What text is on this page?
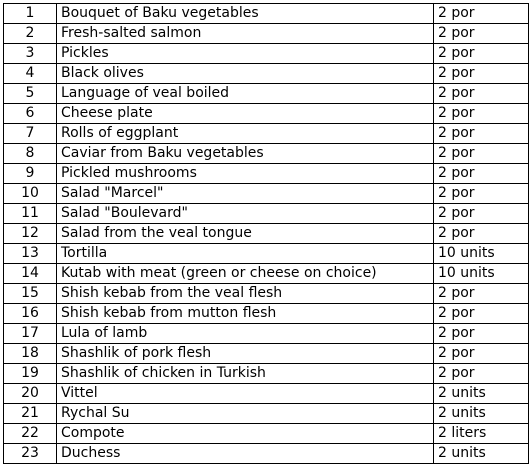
1	Bouquet of Baku vegetables	2 por
2	Fresh-salted salmon	2 por
3	Pickles	2 por
4	Black olives	2 por
5	Language of veal boiled	2 por
6	Cheese plate	2 por
7	Rolls of eggplant	2 por
8	Caviar from Baku vegetables	2 por
9	Pickled mushrooms	2 por
10	Salad "Marcel"	2 por
11	Salad "Boulevard"	2 por
12	Salad from the veal tongue	2 por
13	Tortilla	10 units
14	Kutab with meat (green or cheese on choice)	10 units
15	Shish kebab from the veal flesh	2 por
16	Shish kebab from mutton flesh	2 por
17	Lula of lamb	2 por
18	Shashlik of pork flesh	2 por
19	Shashlik of chicken in Turkish	2 por
20	Vittel	2 units
21	Rychal Su	2 units
22	Compote	2 liters
23	Duchess	2 units
